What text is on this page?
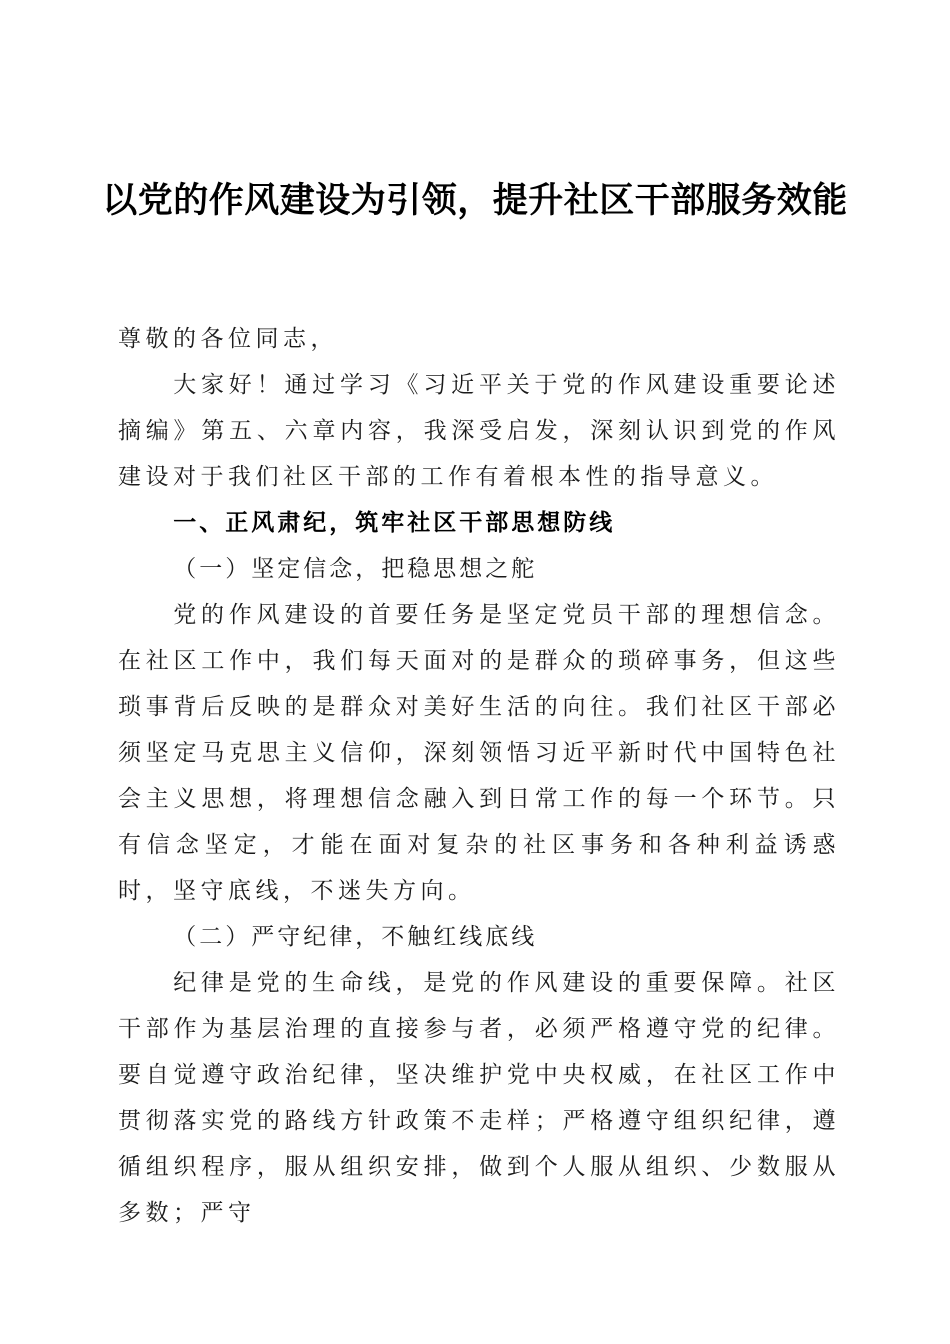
以党的作风建设为引领，提升社区干部服务效能

尊敬的各位同志，

大家好！通过学习《习近平关于党的作风建设重要论述摘编》第五、六章内容，我深受启发，深刻认识到党的作风建设对于我们社区干部的工作有着根本性的指导意义。

一、正风肃纪，筑牢社区干部思想防线

（一）坚定信念，把稳思想之舵

党的作风建设的首要任务是坚定党员干部的理想信念。在社区工作中，我们每天面对的是群众的琐碎事务，但这些琐事背后反映的是群众对美好生活的向往。我们社区干部必须坚定马克思主义信仰，深刻领悟习近平新时代中国特色社会主义思想，将理想信念融入到日常工作的每一个环节。只有信念坚定，才能在面对复杂的社区事务和各种利益诱惑时，坚守底线，不迷失方向。

（二）严守纪律，不触红线底线

纪律是党的生命线，是党的作风建设的重要保障。社区干部作为基层治理的直接参与者，必须严格遵守党的纪律。要自觉遵守政治纪律，坚决维护党中央权威，在社区工作中贯彻落实党的路线方针政策不走样；严格遵守组织纪律，遵循组织程序，服从组织安排，做到个人服从组织、少数服从多数；严守
